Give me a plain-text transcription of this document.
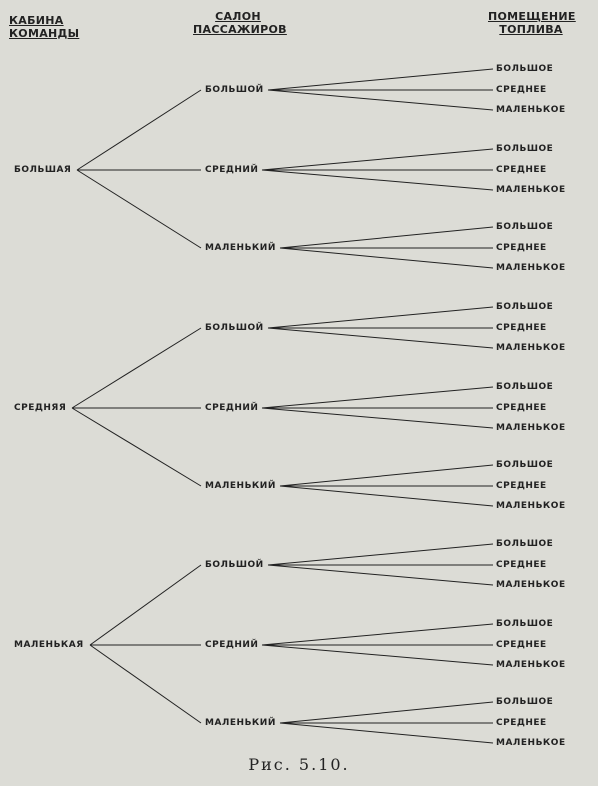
КАБИНА
КОМАНДЫ
САЛОН
ПАССАЖИРОВ
ПОМЕЩЕНИЕ
ТОПЛИВА
Рис. 5.10.
БОЛЬШАЯ
БОЛЬШОЙ
БОЛЬШОЕ
СРЕДНЕЕ
МАЛЕНЬКОЕ
СРЕДНИЙ
БОЛЬШОЕ
СРЕДНЕЕ
МАЛЕНЬКОЕ
МАЛЕНЬКИЙ
БОЛЬШОЕ
СРЕДНЕЕ
МАЛЕНЬКОЕ
СРЕДНЯЯ
БОЛЬШОЙ
БОЛЬШОЕ
СРЕДНЕЕ
МАЛЕНЬКОЕ
СРЕДНИЙ
БОЛЬШОЕ
СРЕДНЕЕ
МАЛЕНЬКОЕ
МАЛЕНЬКИЙ
БОЛЬШОЕ
СРЕДНЕЕ
МАЛЕНЬКОЕ
МАЛЕНЬКАЯ
БОЛЬШОЙ
БОЛЬШОЕ
СРЕДНЕЕ
МАЛЕНЬКОЕ
СРЕДНИЙ
БОЛЬШОЕ
СРЕДНЕЕ
МАЛЕНЬКОЕ
МАЛЕНЬКИЙ
БОЛЬШОЕ
СРЕДНЕЕ
МАЛЕНЬКОЕ
